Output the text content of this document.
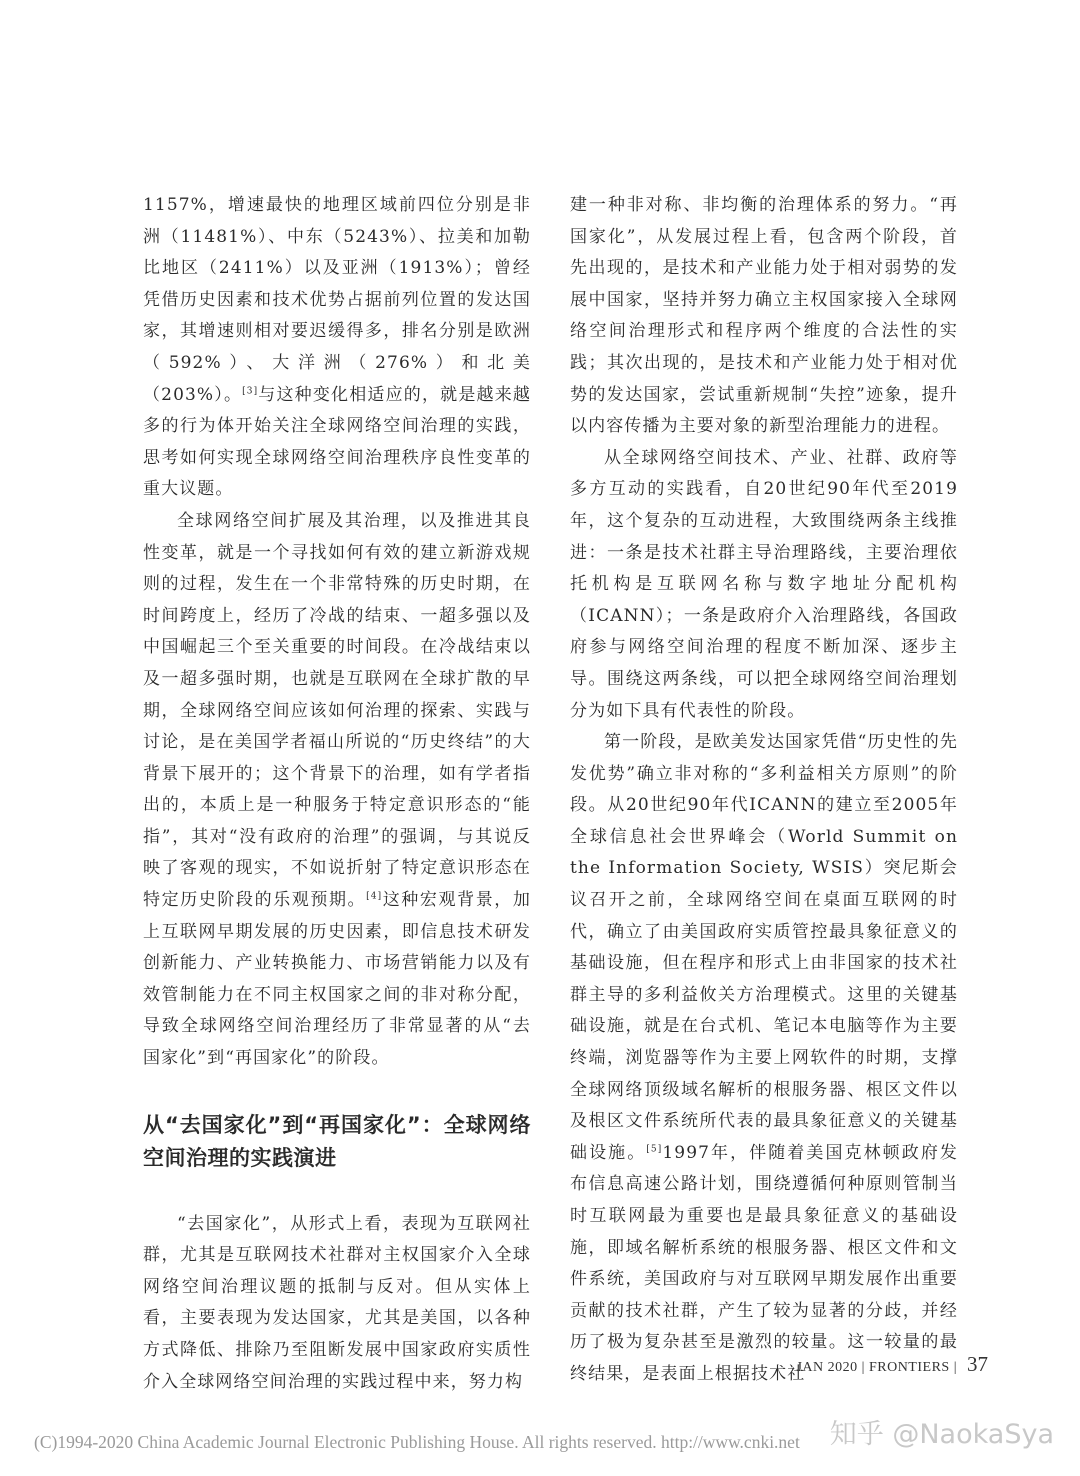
1157%，增速最快的地理区域前四位分别是非洲（11481%）、中东（5243%）、拉美和加勒比地区（2411%）以及亚洲（1913%）；曾经凭借历史因素和技术优势占据前列位置的发达国家，其增速则相对要迟缓得多，排名分别是欧洲（592%）、大洋洲（276%）和北美（203%）。[3]与这种变化相适应的，就是越来越多的行为体开始关注全球网络空间治理的实践，思考如何实现全球网络空间治理秩序良性变革的重大议题。

全球网络空间扩展及其治理，以及推进其良性变革，就是一个寻找如何有效的建立新游戏规则的过程，发生在一个非常特殊的历史时期，在时间跨度上，经历了冷战的结束、一超多强以及中国崛起三个至关重要的时间段。在冷战结束以及一超多强时期，也就是互联网在全球扩散的早期，全球网络空间应该如何治理的探索、实践与讨论，是在美国学者福山所说的“历史终结”的大背景下展开的；这个背景下的治理，如有学者指出的，本质上是一种服务于特定意识形态的“能指”，其对“没有政府的治理”的强调，与其说反映了客观的现实，不如说折射了特定意识形态在特定历史阶段的乐观预期。[4]这种宏观背景，加上互联网早期发展的历史因素，即信息技术研发创新能力、产业转换能力、市场营销能力以及有效管制能力在不同主权国家之间的非对称分配，导致全球网络空间治理经历了非常显著的从“去国家化”到“再国家化”的阶段。

从“去国家化”到“再国家化”：全球网络空间治理的实践演进

“去国家化”，从形式上看，表现为互联网社群，尤其是互联网技术社群对主权国家介入全球网络空间治理议题的抵制与反对。但从实体上看，主要表现为发达国家，尤其是美国，以各种方式降低、排除乃至阻断发展中国家政府实质性介入全球网络空间治理的实践过程中来，努力构

建一种非对称、非均衡的治理体系的努力。“再国家化”，从发展过程上看，包含两个阶段，首先出现的，是技术和产业能力处于相对弱势的发展中国家，坚持并努力确立主权国家接入全球网络空间治理形式和程序两个维度的合法性的实践；其次出现的，是技术和产业能力处于相对优势的发达国家，尝试重新规制“失控”迹象，提升以内容传播为主要对象的新型治理能力的进程。

从全球网络空间技术、产业、社群、政府等多方互动的实践看，自20世纪90年代至2019年，这个复杂的互动进程，大致围绕两条主线推进：一条是技术社群主导治理路线，主要治理依托机构是互联网名称与数字地址分配机构（ICANN）；一条是政府介入治理路线，各国政府参与网络空间治理的程度不断加深、逐步主导。围绕这两条线，可以把全球网络空间治理划分为如下具有代表性的阶段。

第一阶段，是欧美发达国家凭借“历史性的先发优势”确立非对称的“多利益相关方原则”的阶段。从20世纪90年代ICANN的建立至2005年全球信息社会世界峰会（World Summit on the Information Society, WSIS）突尼斯会议召开之前，全球网络空间在桌面互联网的时代，确立了由美国政府实质管控最具象征意义的基础设施，但在程序和形式上由非国家的技术社群主导的多利益攸关方治理模式。这里的关键基础设施，就是在台式机、笔记本电脑等作为主要终端，浏览器等作为主要上网软件的时期，支撑全球网络顶级域名解析的根服务器、根区文件以及根区文件系统所代表的最具象征意义的关键基础设施。[5]1997年，伴随着美国克林顿政府发布信息高速公路计划，围绕遵循何种原则管制当时互联网最为重要也是最具象征意义的基础设施，即域名解析系统的根服务器、根区文件和文件系统，美国政府与对互联网早期发展作出重要贡献的技术社群，产生了较为显著的分歧，并经历了极为复杂甚至是激烈的较量。这一较量的最终结果，是表面上根据技术社

JAN 2020 | FRONTIERS | 37
(C)1994-2020 China Academic Journal Electronic Publishing House. All rights reserved. http://www.cnki.net 知乎 @NaokaSya
